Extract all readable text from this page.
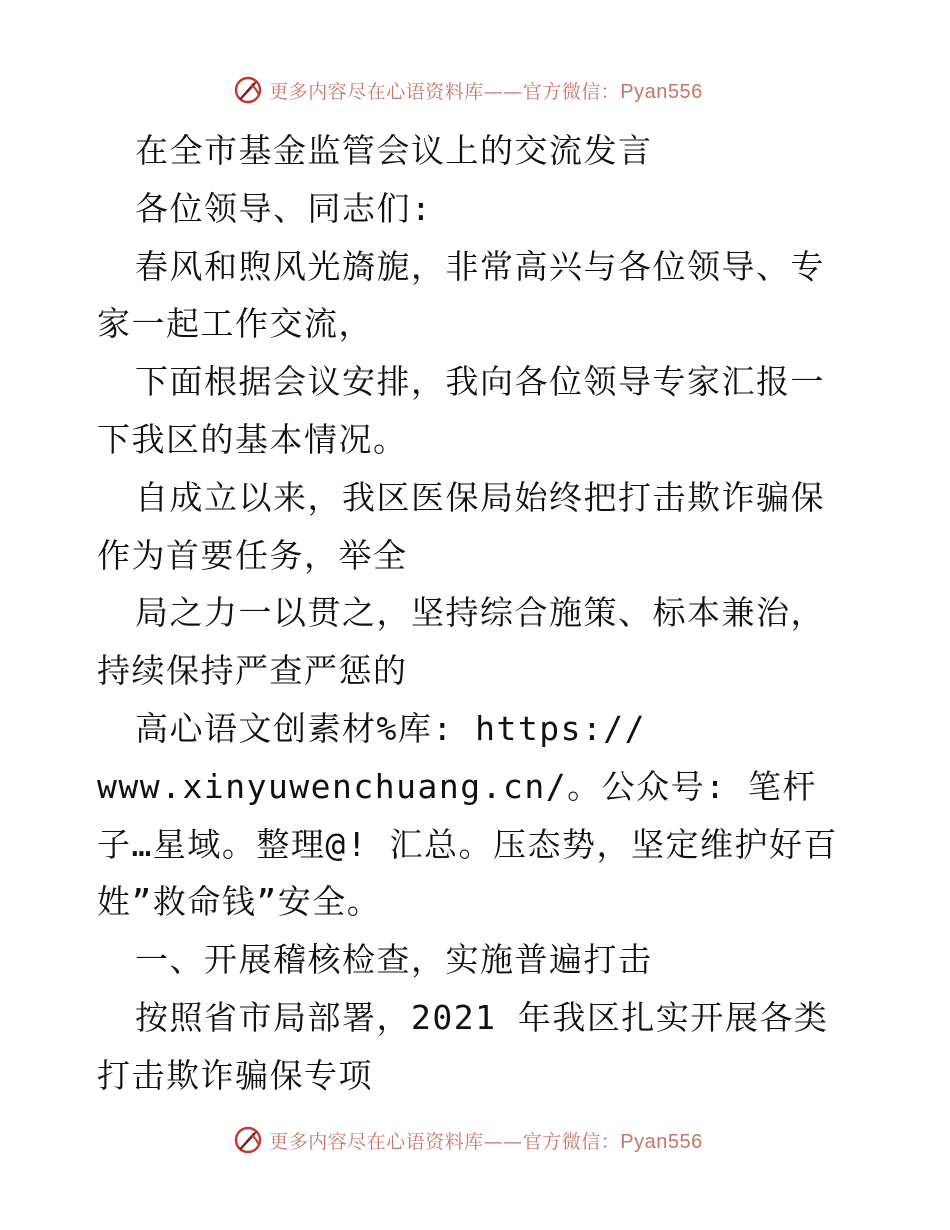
更多内容尽在心语资料库——官方微信：Pyan556

在全市基金监管会议上的交流发言

各位领导、同志们:

春风和煦风光旖旎，非常高兴与各位领导、专家一起工作交流，

下面根据会议安排，我向各位领导专家汇报一下我区的基本情况。

自成立以来，我区医保局始终把打击欺诈骗保作为首要任务，举全

局之力一以贯之，坚持综合施策、标本兼治，持续保持严查严惩的

高心语文创素材%库: https://

www.xinyuwenchuang.cn/。公众号: 笔杆子…星域。整理@! 汇总。压态势，坚定维护好百姓”救命钱”安全。

一、开展稽核检查，实施普遍打击

按照省市局部署，2021 年我区扎实开展各类打击欺诈骗保专项

更多内容尽在心语资料库——官方微信：Pyan556
